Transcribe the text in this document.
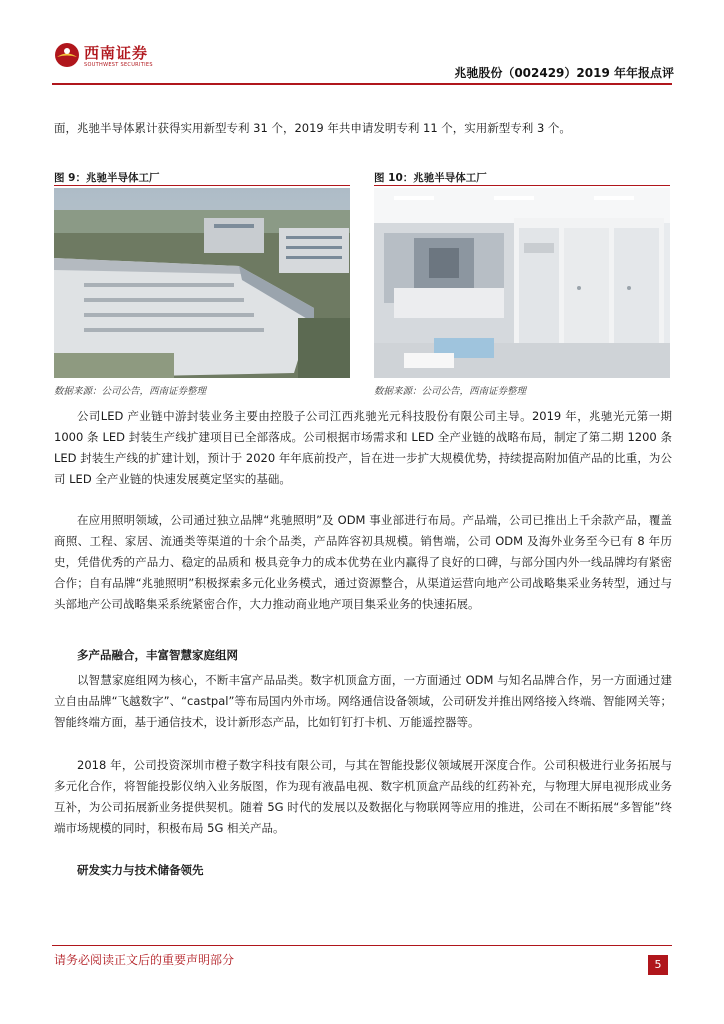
西南证券
SOUTHWEST SECURITIES
兆驰股份（002429）2019 年年报点评

面，兆驰半导体累计获得实用新型专利 31 个，2019 年共申请发明专利 11 个，实用新型专利 3 个。

图 9：兆驰半导体工厂
数据来源：公司公告，西南证券整理
图 10：兆驰半导体工厂
数据来源：公司公告，西南证券整理

公司LED 产业链中游封装业务主要由控股子公司江西兆驰光元科技股份有限公司主导。2019 年，兆驰光元第一期 1000 条 LED 封装生产线扩建项目已全部落成。公司根据市场需求和 LED 全产业链的战略布局，制定了第二期 1200 条 LED 封装生产线的扩建计划，预计于 2020 年年底前投产，旨在进一步扩大规模优势，持续提高附加值产品的比重，为公司 LED 全产业链的快速发展奠定坚实的基础。

在应用照明领域，公司通过独立品牌“兆驰照明”及 ODM 事业部进行布局。产品端，公司已推出上千余款产品，覆盖商照、工程、家居、流通类等渠道的十余个品类，产品阵容初具规模。销售端，公司 ODM 及海外业务至今已有 8 年历史，凭借优秀的产品力、稳定的品质和 极具竞争力的成本优势在业内赢得了良好的口碑，与部分国内外一线品牌均有紧密合作；自有品牌“兆驰照明”积极探索多元化业务模式，通过资源整合，从渠道运营向地产公司战略集采业务转型，通过与头部地产公司战略集采系统紧密合作，大力推动商业地产项目集采业务的快速拓展。

多产品融合，丰富智慧家庭组网

以智慧家庭组网为核心，不断丰富产品品类。数字机顶盒方面，一方面通过 ODM 与知名品牌合作，另一方面通过建立自由品牌“飞越数字”、“castpal”等布局国内外市场。网络通信设备领域，公司研发并推出网络接入终端、智能网关等；智能终端方面，基于通信技术，设计新形态产品，比如钉钉打卡机、万能遥控器等。

2018 年，公司投资深圳市橙子数字科技有限公司，与其在智能投影仪领域展开深度合作。公司积极进行业务拓展与多元化合作，将智能投影仪纳入业务版图，作为现有液晶电视、数字机顶盒产品线的红药补充，与物理大屏电视形成业务互补，为公司拓展新业务提供契机。随着 5G 时代的发展以及数据化与物联网等应用的推进，公司在不断拓展“多智能”终端市场规模的同时，积极布局 5G 相关产品。

研发实力与技术储备领先
请务必阅读正文后的重要声明部分	5
